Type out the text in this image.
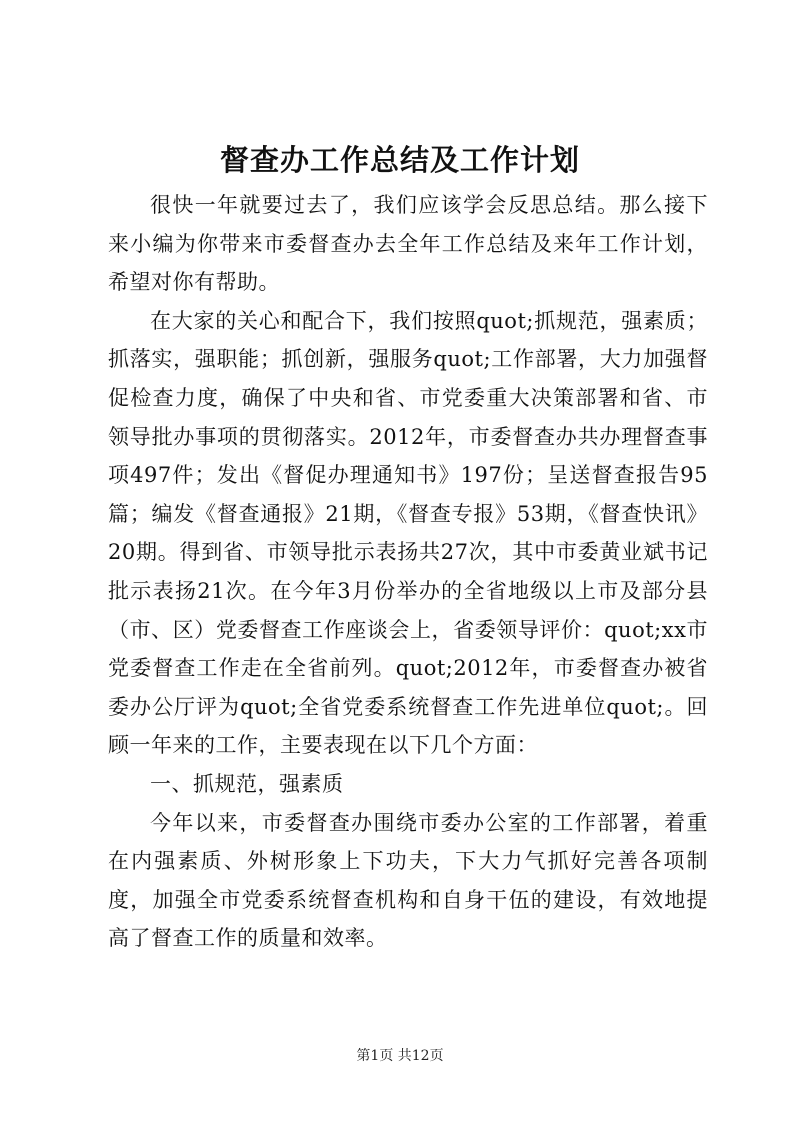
督查办工作总结及工作计划

很快一年就要过去了，我们应该学会反思总结。那么接下来小编为你带来市委督查办去全年工作总结及来年工作计划，希望对你有帮助。

在大家的关心和配合下，我们按照quot;抓规范，强素质；抓落实，强职能；抓创新，强服务quot;工作部署，大力加强督促检查力度，确保了中央和省、市党委重大决策部署和省、市领导批办事项的贯彻落实。2012年，市委督查办共办理督查事项497件；发出《督促办理通知书》197份；呈送督查报告95篇；编发《督查通报》21期，《督查专报》53期，《督查快讯》20期。得到省、市领导批示表扬共27次，其中市委黄业斌书记批示表扬21次。在今年3月份举办的全省地级以上市及部分县（市、区）党委督查工作座谈会上，省委领导评价：quot;xx市党委督查工作走在全省前列。quot;2012年，市委督查办被省委办公厅评为quot;全省党委系统督查工作先进单位quot;。回顾一年来的工作，主要表现在以下几个方面：

一、抓规范，强素质

今年以来，市委督查办围绕市委办公室的工作部署，着重在内强素质、外树形象上下功夫，下大力气抓好完善各项制度，加强全市党委系统督查机构和自身干伍的建设，有效地提高了督查工作的质量和效率。

第1页 共12页
